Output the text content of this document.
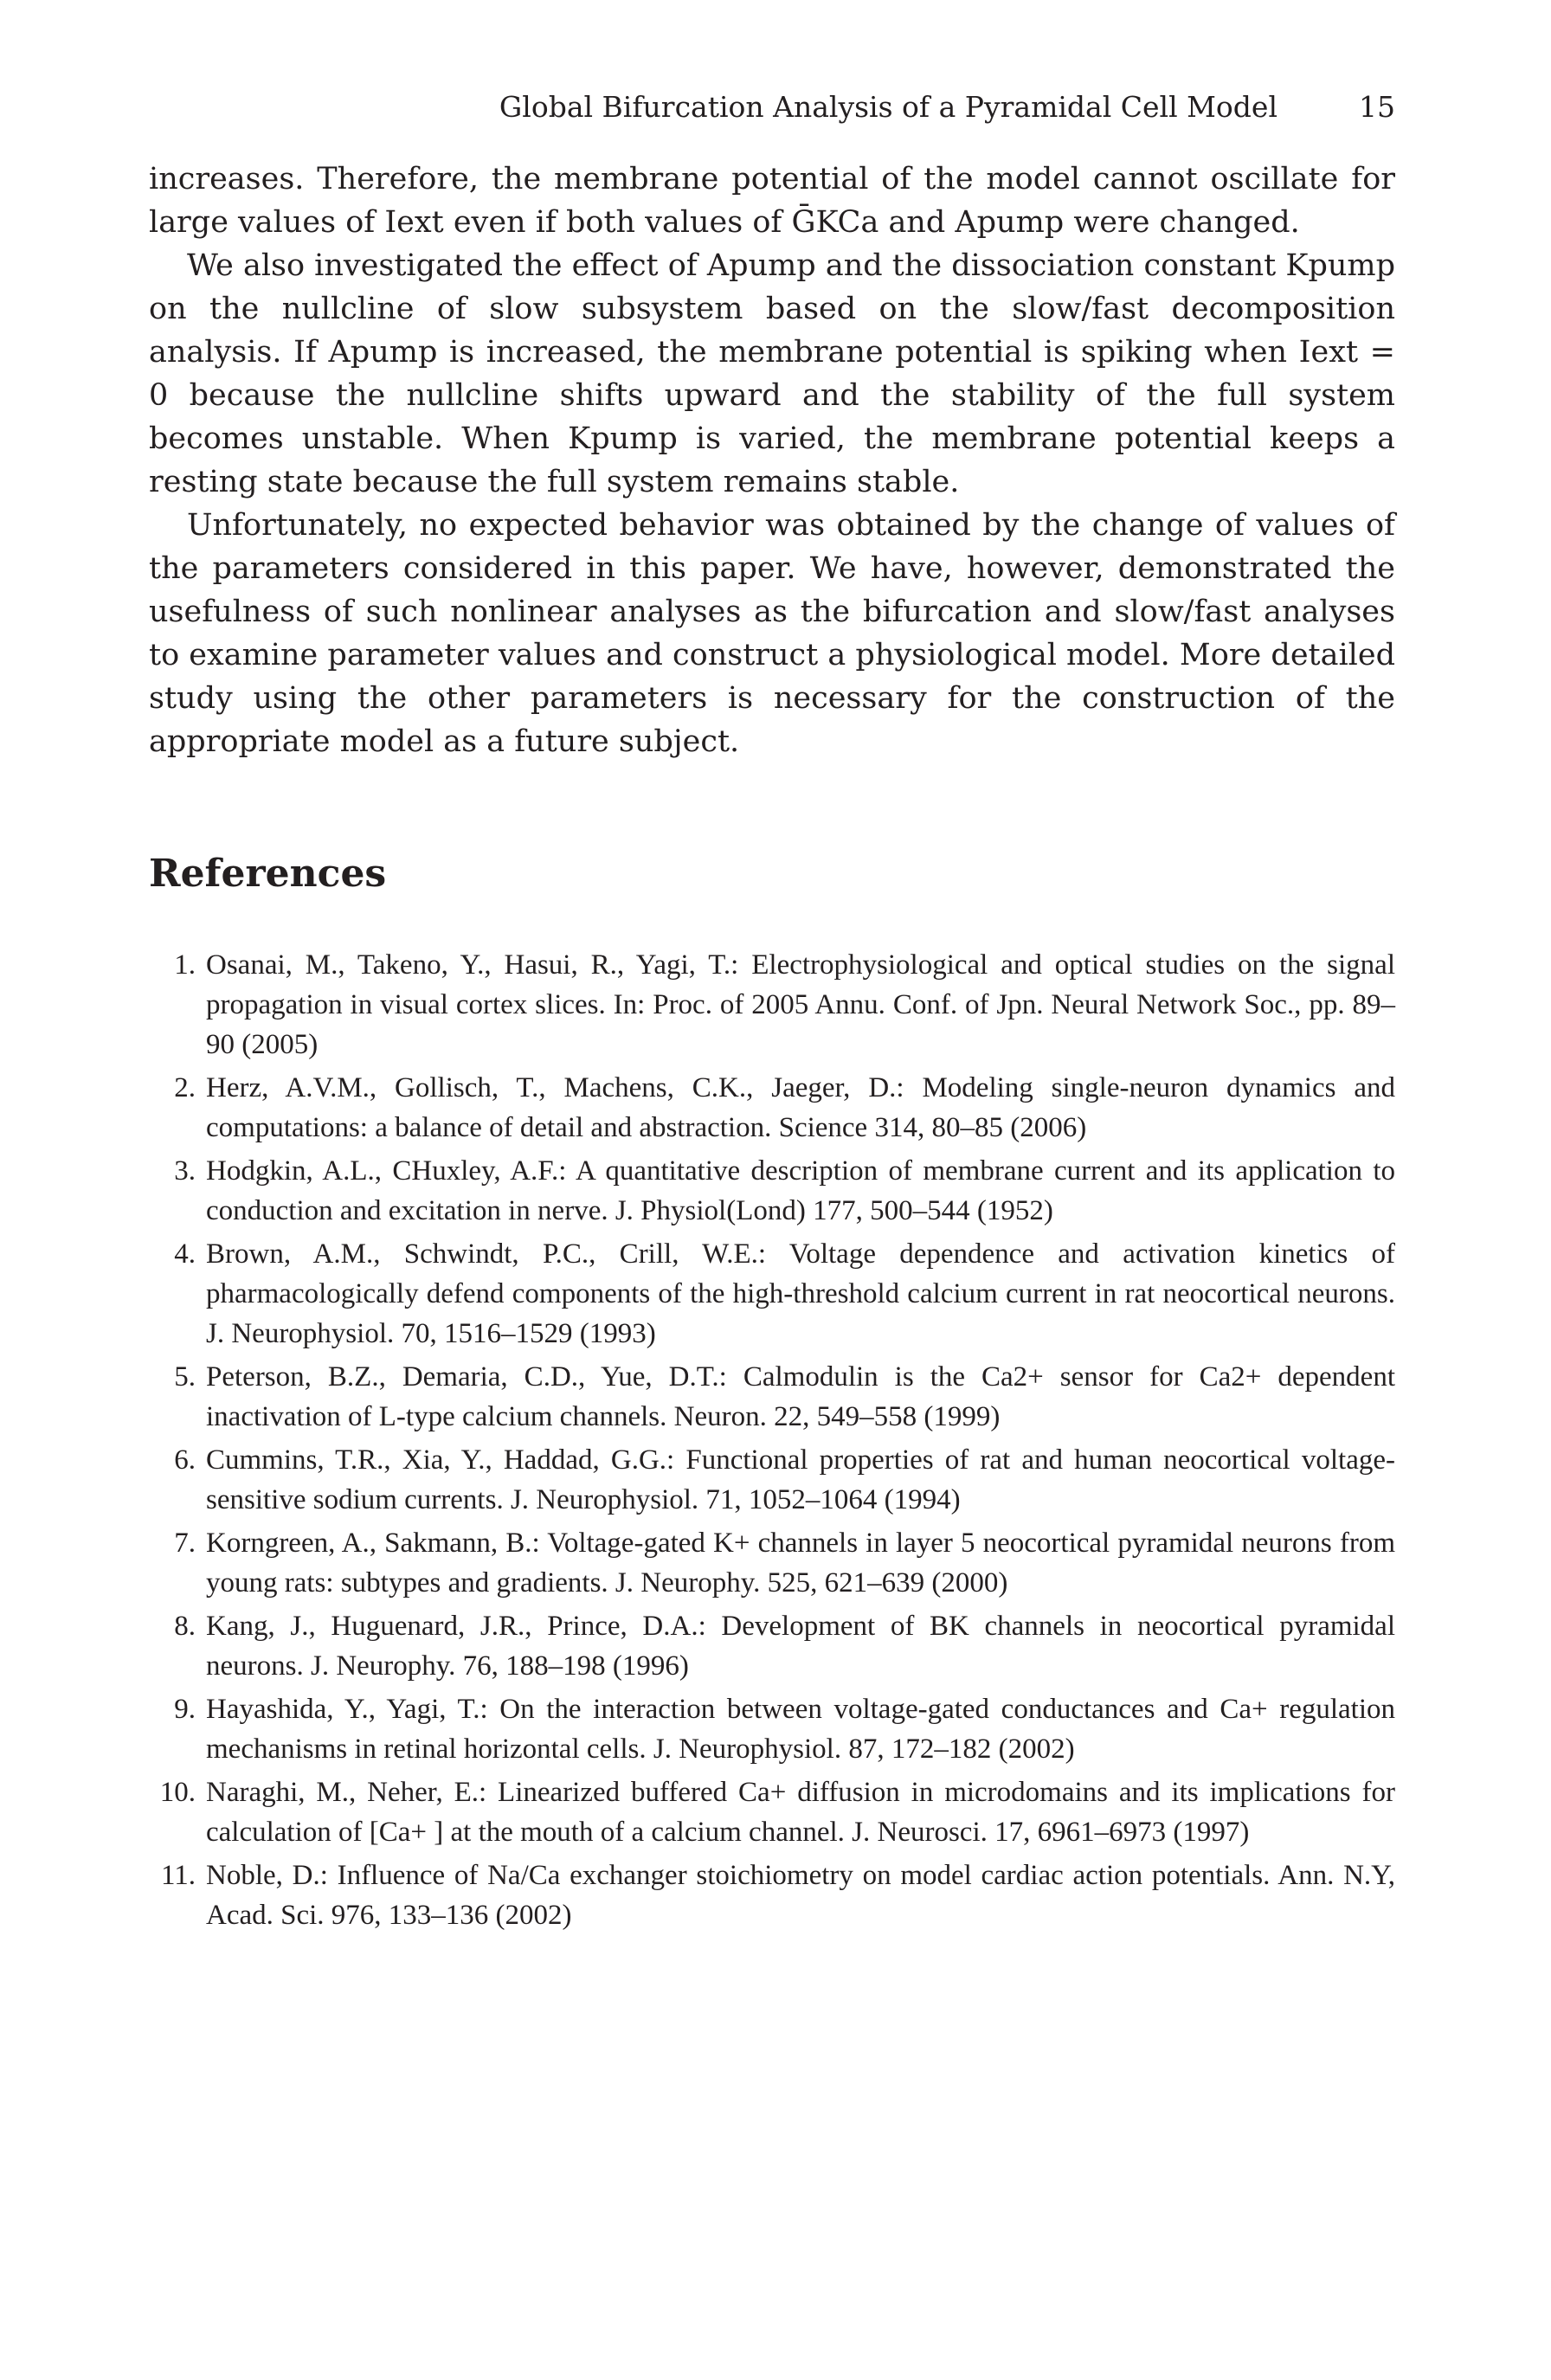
Global Bifurcation Analysis of a Pyramidal Cell Model	15

increases. Therefore, the membrane potential of the model cannot oscillate for large values of Iext even if both values of ḠKCa and Apump were changed.

We also investigated the effect of Apump and the dissociation constant Kpump on the nullcline of slow subsystem based on the slow/fast decomposition analysis. If Apump is increased, the membrane potential is spiking when Iext = 0 because the nullcline shifts upward and the stability of the full system becomes unstable. When Kpump is varied, the membrane potential keeps a resting state because the full system remains stable.

Unfortunately, no expected behavior was obtained by the change of values of the parameters considered in this paper. We have, however, demonstrated the usefulness of such nonlinear analyses as the bifurcation and slow/fast analyses to examine parameter values and construct a physiological model. More detailed study using the other parameters is necessary for the construction of the appropriate model as a future subject.

References
1. Osanai, M., Takeno, Y., Hasui, R., Yagi, T.: Electrophysiological and optical studies on the signal propagation in visual cortex slices. In: Proc. of 2005 Annu. Conf. of Jpn. Neural Network Soc., pp. 89–90 (2005)
2. Herz, A.V.M., Gollisch, T., Machens, C.K., Jaeger, D.: Modeling single-neuron dynamics and computations: a balance of detail and abstraction. Science 314, 80–85 (2006)
3. Hodgkin, A.L., CHuxley, A.F.: A quantitative description of membrane current and its application to conduction and excitation in nerve. J. Physiol(Lond) 177, 500–544 (1952)
4. Brown, A.M., Schwindt, P.C., Crill, W.E.: Voltage dependence and activation kinetics of pharmacologically defend components of the high-threshold calcium current in rat neocortical neurons. J. Neurophysiol. 70, 1516–1529 (1993)
5. Peterson, B.Z., Demaria, C.D., Yue, D.T.: Calmodulin is the Ca2+ sensor for Ca2+ dependent inactivation of L-type calcium channels. Neuron. 22, 549–558 (1999)
6. Cummins, T.R., Xia, Y., Haddad, G.G.: Functional properties of rat and human neocortical voltage-sensitive sodium currents. J. Neurophysiol. 71, 1052–1064 (1994)
7. Korngreen, A., Sakmann, B.: Voltage-gated K+ channels in layer 5 neocortical pyramidal neurons from young rats: subtypes and gradients. J. Neurophy. 525, 621–639 (2000)
8. Kang, J., Huguenard, J.R., Prince, D.A.: Development of BK channels in neocortical pyramidal neurons. J. Neurophy. 76, 188–198 (1996)
9. Hayashida, Y., Yagi, T.: On the interaction between voltage-gated conductances and Ca+ regulation mechanisms in retinal horizontal cells. J. Neurophysiol. 87, 172–182 (2002)
10. Naraghi, M., Neher, E.: Linearized buffered Ca+ diffusion in microdomains and its implications for calculation of [Ca+ ] at the mouth of a calcium channel. J. Neurosci. 17, 6961–6973 (1997)
11. Noble, D.: Influence of Na/Ca exchanger stoichiometry on model cardiac action potentials. Ann. N.Y, Acad. Sci. 976, 133–136 (2002)
